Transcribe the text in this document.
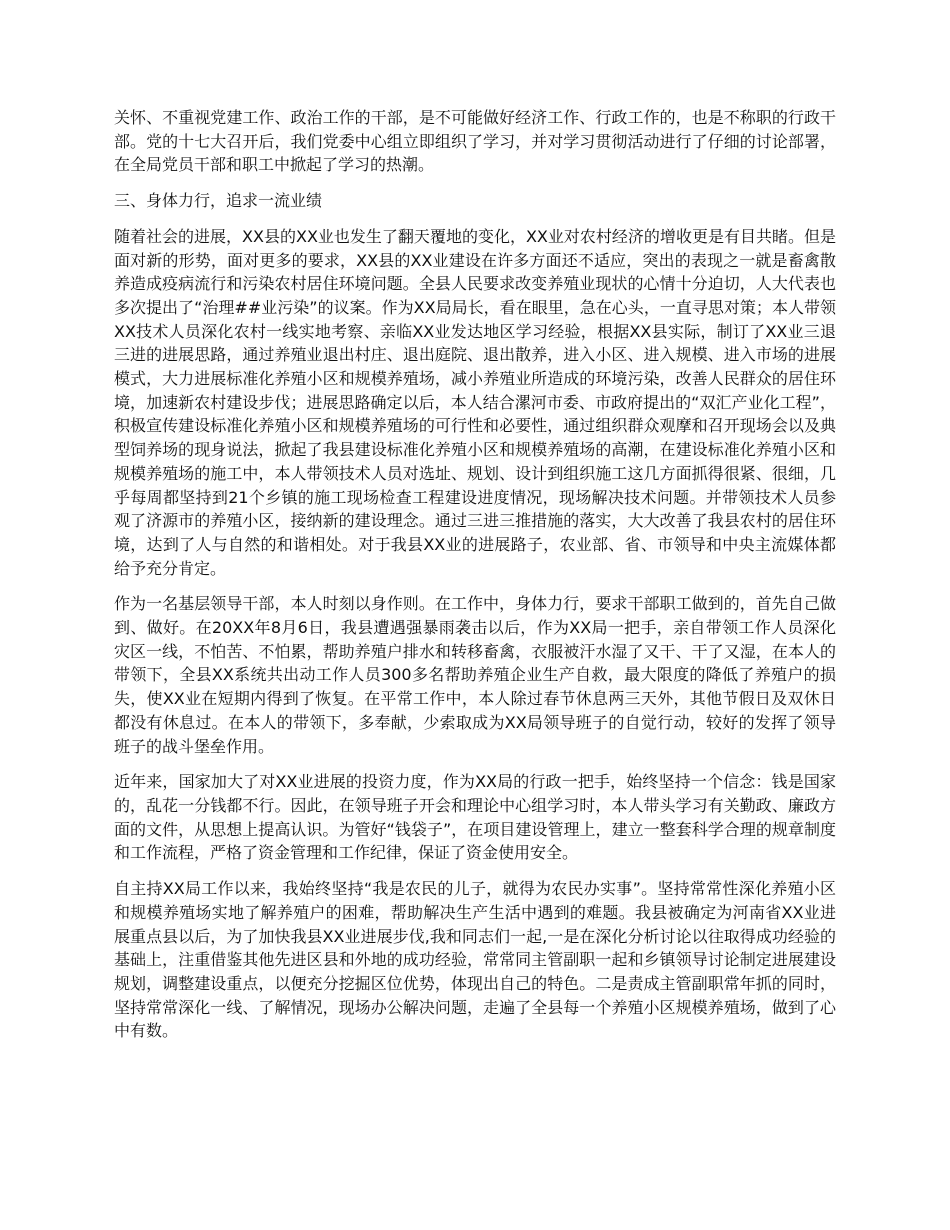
关怀、不重视党建工作、政治工作的干部，是不可能做好经济工作、行政工作的，也是不称职的行政干部。党的十七大召开后，我们党委中心组立即组织了学习，并对学习贯彻活动进行了仔细的讨论部署，在全局党员干部和职工中掀起了学习的热潮。

三、身体力行，追求一流业绩

随着社会的进展，XX县的XX业也发生了翻天覆地的变化，XX业对农村经济的增收更是有目共睹。但是面对新的形势，面对更多的要求，XX县的XX业建设在许多方面还不适应，突出的表现之一就是畜禽散养造成疫病流行和污染农村居住环境问题。全县人民要求改变养殖业现状的心情十分迫切，人大代表也多次提出了“治理##业污染”的议案。作为XX局局长，看在眼里，急在心头，一直寻思对策；本人带领XX技术人员深化农村一线实地考察、亲临XX业发达地区学习经验，根据XX县实际，制订了XX业三退三进的进展思路，通过养殖业退出村庄、退出庭院、退出散养，进入小区、进入规模、进入市场的进展模式，大力进展标准化养殖小区和规模养殖场，减小养殖业所造成的环境污染，改善人民群众的居住环境，加速新农村建设步伐；进展思路确定以后，本人结合漯河市委、市政府提出的“双汇产业化工程”，积极宣传建设标准化养殖小区和规模养殖场的可行性和必要性，通过组织群众观摩和召开现场会以及典型饲养场的现身说法，掀起了我县建设标准化养殖小区和规模养殖场的高潮，在建设标准化养殖小区和规模养殖场的施工中，本人带领技术人员对选址、规划、设计到组织施工这几方面抓得很紧、很细，几乎每周都坚持到21个乡镇的施工现场检查工程建设进度情况，现场解决技术问题。并带领技术人员参观了济源市的养殖小区，接纳新的建设理念。通过三进三推措施的落实，大大改善了我县农村的居住环境，达到了人与自然的和谐相处。对于我县XX业的进展路子，农业部、省、市领导和中央主流媒体都给予充分肯定。

作为一名基层领导干部，本人时刻以身作则。在工作中，身体力行，要求干部职工做到的，首先自己做到、做好。在20XX年8月6日，我县遭遇强暴雨袭击以后，作为XX局一把手，亲自带领工作人员深化灾区一线，不怕苦、不怕累，帮助养殖户排水和转移畜禽，衣服被汗水湿了又干、干了又湿，在本人的带领下，全县XX系统共出动工作人员300多名帮助养殖企业生产自救，最大限度的降低了养殖户的损失，使XX业在短期内得到了恢复。在平常工作中，本人除过春节休息两三天外，其他节假日及双休日都没有休息过。在本人的带领下，多奉献，少索取成为XX局领导班子的自觉行动，较好的发挥了领导班子的战斗堡垒作用。

近年来，国家加大了对XX业进展的投资力度，作为XX局的行政一把手，始终坚持一个信念：钱是国家的，乱花一分钱都不行。因此，在领导班子开会和理论中心组学习时，本人带头学习有关勤政、廉政方面的文件，从思想上提高认识。为管好“钱袋子”，在项目建设管理上，建立一整套科学合理的规章制度和工作流程，严格了资金管理和工作纪律，保证了资金使用安全。

自主持XX局工作以来，我始终坚持“我是农民的儿子，就得为农民办实事”。坚持常常性深化养殖小区和规模养殖场实地了解养殖户的困难，帮助解决生产生活中遇到的难题。我县被确定为河南省XX业进展重点县以后，为了加快我县XX业进展步伐,我和同志们一起,一是在深化分析讨论以往取得成功经验的基础上，注重借鉴其他先进区县和外地的成功经验，常常同主管副职一起和乡镇领导讨论制定进展建设规划，调整建设重点，以便充分挖掘区位优势，体现出自己的特色。二是责成主管副职常年抓的同时，坚持常常深化一线、了解情况，现场办公解决问题，走遍了全县每一个养殖小区规模养殖场，做到了心中有数。
